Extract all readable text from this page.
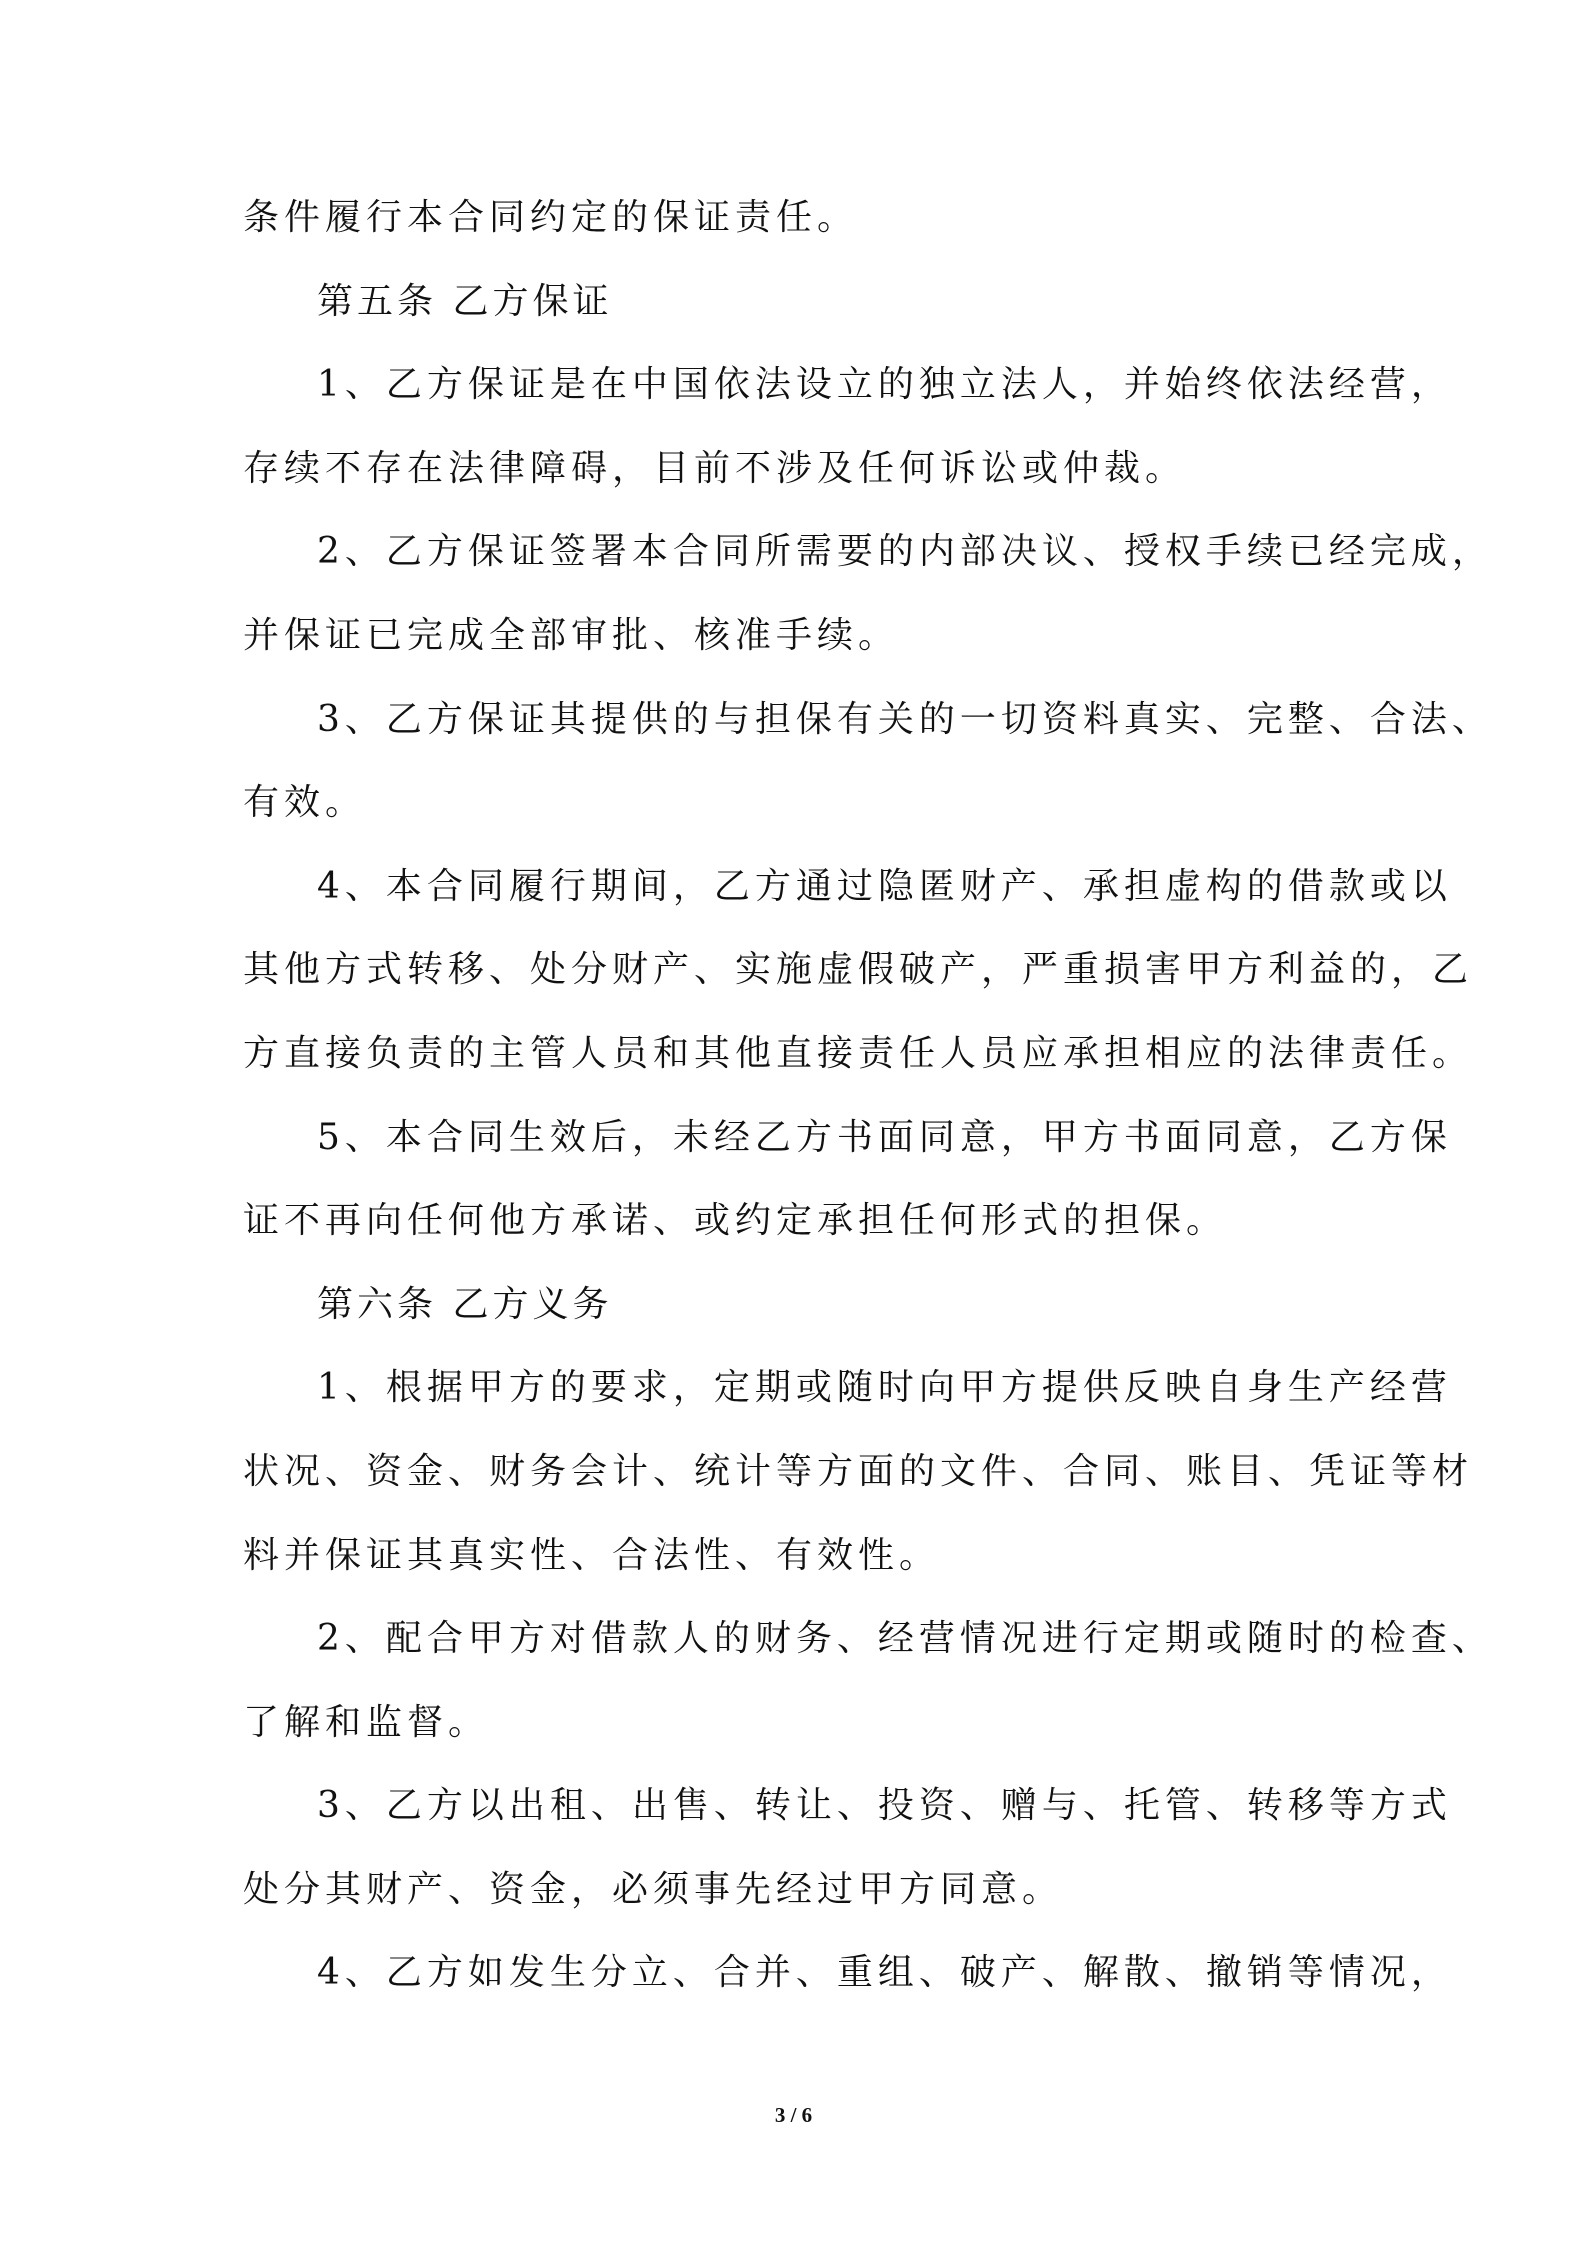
条件履行本合同约定的保证责任。

第五条 乙方保证

1、乙方保证是在中国依法设立的独立法人，并始终依法经营，

存续不存在法律障碍，目前不涉及任何诉讼或仲裁。

2、乙方保证签署本合同所需要的内部决议、授权手续已经完成，

并保证已完成全部审批、核准手续。

3、乙方保证其提供的与担保有关的一切资料真实、完整、合法、

有效。

4、本合同履行期间，乙方通过隐匿财产、承担虚构的借款或以

其他方式转移、处分财产、实施虚假破产，严重损害甲方利益的，乙

方直接负责的主管人员和其他直接责任人员应承担相应的法律责任。

5、本合同生效后，未经乙方书面同意，甲方书面同意，乙方保

证不再向任何他方承诺、或约定承担任何形式的担保。

第六条 乙方义务

1、根据甲方的要求，定期或随时向甲方提供反映自身生产经营

状况、资金、财务会计、统计等方面的文件、合同、账目、凭证等材

料并保证其真实性、合法性、有效性。

2、配合甲方对借款人的财务、经营情况进行定期或随时的检查、

了解和监督。

3、乙方以出租、出售、转让、投资、赠与、托管、转移等方式

处分其财产、资金，必须事先经过甲方同意。

4、乙方如发生分立、合并、重组、破产、解散、撤销等情况，

3 / 6
